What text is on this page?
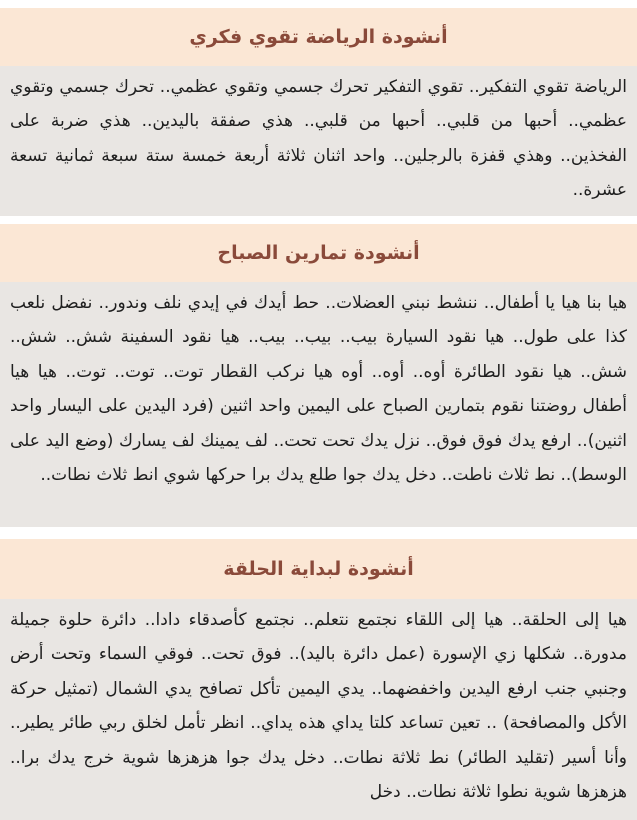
أنشودة الرياضة تقوي فكري
الرياضة تقوي التفكير.. تقوي التفكير تحرك جسمي وتقوي عظمي.. تحرك جسمي وتقوي عظمي.. أحبها من قلبي.. أحبها من قلبي.. هذي صفقة باليدين.. هذي ضربة على الفخذين.. وهذي قفزة بالرجلين.. واحد اثنان ثلاثة أربعة خمسة ستة سبعة ثمانية تسعة عشرة..
أنشودة تمارين الصباح
هيا بنا هيا يا أطفال.. ننشط نبني العضلات.. حط أيدك في إيدي نلف وندور.. نفضل نلعب كذا على طول.. هيا نقود السيارة بيب.. بيب.. بيب.. هيا نقود السفينة شش.. شش.. شش.. هيا نقود الطائرة أوه.. أوه.. أوه هيا نركب القطار توت.. توت.. توت.. هيا هيا أطفال روضتنا نقوم بتمارين الصباح على اليمين واحد اثنين (فرد اليدين على اليسار واحد اثنين).. ارفع يدك فوق فوق.. نزل يدك تحت تحت.. لف يمينك لف يسارك (وضع اليد على الوسط).. نط ثلاث ناطت.. دخل يدك جوا طلع يدك برا حركها شوي انط ثلاث نطات..
أنشودة لبداية الحلقة
هيا إلى الحلقة.. هيا إلى اللقاء نجتمع نتعلم.. نجتمع كأصدقاء دادا.. دائرة حلوة جميلة مدورة.. شكلها زي الإسورة (عمل دائرة باليد).. فوق تحت.. فوقي السماء وتحت أرض وجنبي جنب ارفع اليدين واخفضهما.. يدي اليمين تأكل تصافح يدي الشمال (تمثيل حركة الأكل والمصافحة) .. تعين تساعد كلتا يداي هذه يداي.. انظر تأمل لخلق ربي طائر يطير.. وأنا أسير (تقليد الطائر) نط ثلاثة نطات.. دخل يدك جوا هزهزها شوية خرج يدك برا.. هزهزها شوية نطوا ثلاثة نطات.. دخل
